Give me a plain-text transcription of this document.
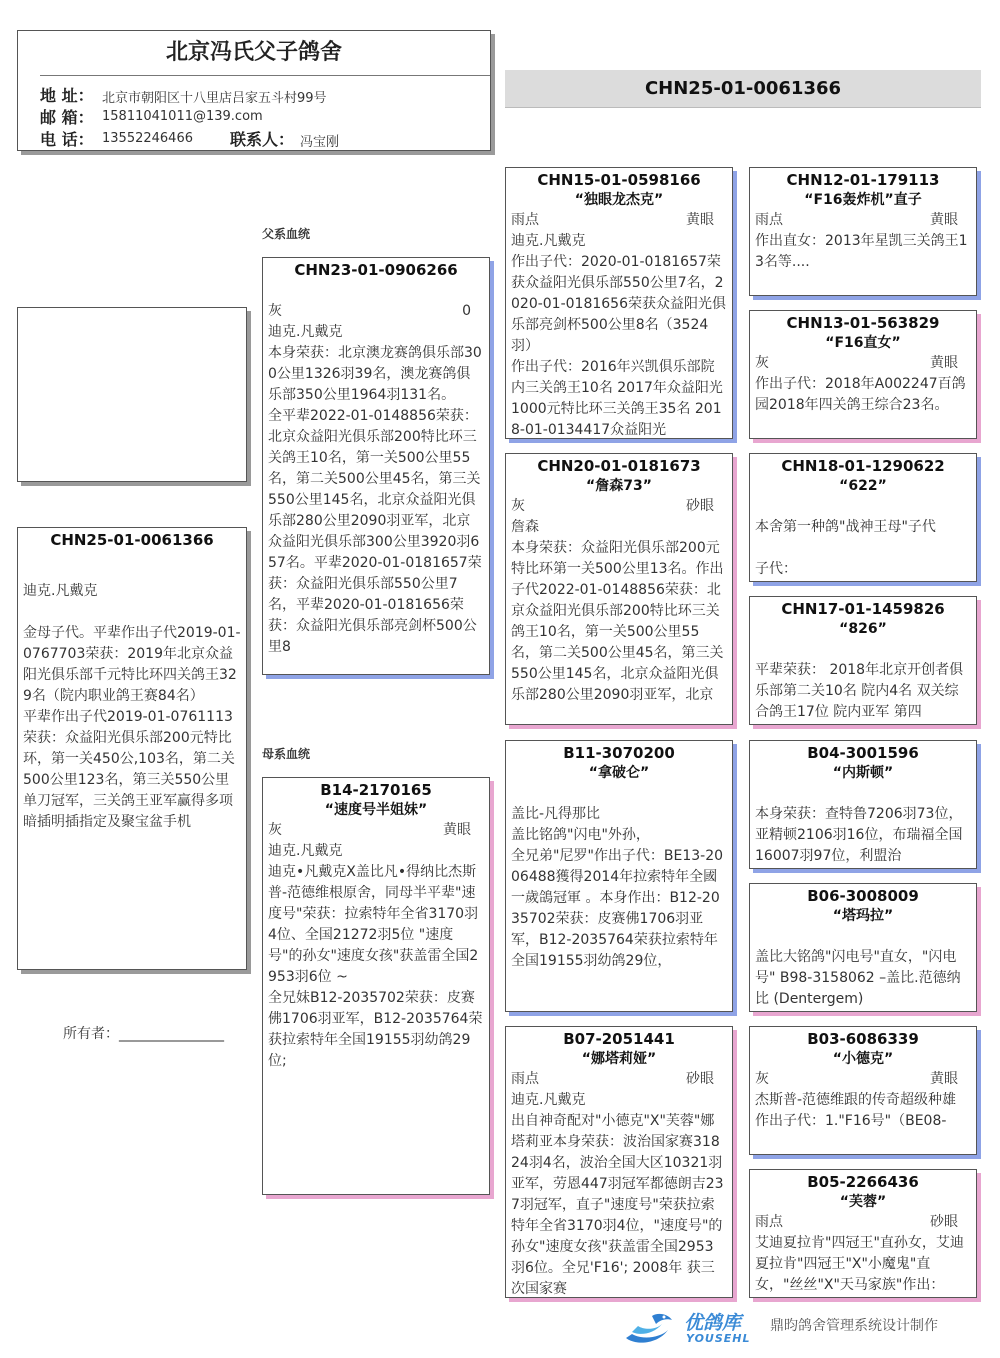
北京冯氏父子鸽舍
地 址： 北京市朝阳区十八里店吕家五斗村99号
邮 箱： 15811041011@139.com
电 话： 13552246466 联系人： 冯宝刚
CHN25-01-0061366
CHN25-01-0061366
迪克.凡戴克
金母子代。平辈作出子代2019-01-0767703荣获：2019年北京众益阳光俱乐部千元特比环四关鸽王329名（院内职业鸽王赛84名）
平辈作出子代2019-01-0761113荣获：众益阳光俱乐部200元特比环，第一关450公,103名，第二关500公里123名，第三关550公里单刀冠军，三关鸽王亚军赢得多项暗插明插指定及聚宝盆手机
所有者：_______________
父系血统
母系血统
CHN23-01-0906266
灰	0
迪克.凡戴克
本身荣获：北京澳龙赛鸽俱乐部300公里1326羽39名，澳龙赛鸽俱乐部350公里1964羽131名。
全平辈2022-01-0148856荣获：北京众益阳光俱乐部200特比环三关鸽王10名，第一关500公里55名，第二关500公里45名，第三关550公里145名，北京众益阳光俱乐部280公里2090羽亚军，北京众益阳光俱乐部300公里3920羽657名。平辈2020-01-0181657荣获：众益阳光俱乐部550公里7名，平辈2020-01-0181656荣获：众益阳光俱乐部亮剑杯500公里8
B14-2170165
“速度号半姐妹”
灰	黄眼
迪克.凡戴克
迪克•凡戴克X盖比凡•得纳比杰斯普-范德维根原舍，同母半平辈"速度号"荣获：拉索特年全省3170羽4位、全国21272羽5位 "速度号"的孙女"速度女孩"获盖雷全国2953羽6位 ~
全兄妹B12-2035702荣获：皮赛佛1706羽亚军，B12-2035764荣获拉索特年全国19155羽幼鸽29位;
CHN15-01-0598166
“独眼龙杰克”
雨点	黄眼
迪克.凡戴克
作出子代：2020-01-0181657荣获众益阳光俱乐部550公里7名，2020-01-0181656荣获众益阳光俱乐部亮剑杯500公里8名（3524羽）
作出子代：2016年兴凯俱乐部院内三关鸽王10名 2017年众益阳光1000元特比环三关鸽王35名 2018-01-0134417众益阳光
CHN20-01-0181673
“詹森73”
灰	砂眼
詹森
本身荣获：众益阳光俱乐部200元特比环第一关500公里13名。作出子代2022-01-0148856荣获：北京众益阳光俱乐部200特比环三关鸽王10名，第一关500公里55名，第二关500公里45名，第三关550公里145名，北京众益阳光俱乐部280公里2090羽亚军，北京
B11-3070200
“拿破仑”
盖比-凡得那比
盖比铭鸽"闪电"外孙，
全兄弟"尼罗"作出子代：BE13-2006488獲得2014年拉索特年全國一歲鴿冠軍 。本身作出：B12-2035702荣获：皮赛佛1706羽亚军，B12-2035764荣获拉索特年全国19155羽幼鸽29位，
B07-2051441
“娜塔莉娅”
雨点	砂眼
迪克.凡戴克
出自神奇配对"小德克"X"芙蓉"娜塔莉亚本身荣获：波治国家赛31824羽4名，波治全国大区10321羽亚军，劳恩447羽冠军都德朗吉237羽冠军，直子"速度号"荣获拉索特年全省3170羽4位，"速度号"的孙女"速度女孩"获盖雷全国2953羽6位。全兄'F16'; 2008年 获三次国家赛
CHN12-01-179113
“F16轰炸机”直子
雨点	黄眼
作出直女：2013年星凯三关鸽王13名等....
CHN13-01-563829
“F16直女”
灰	黄眼
作出子代：2018年A002247百鸽园2018年四关鸽王综合23名。
CHN18-01-1290622
“622”
本舍第一种鸽"战神王母"子代
子代：
CHN17-01-1459826
“826”
平辈荣获： 2018年北京开创者俱乐部第二关10名 院内4名 双关综合鸽王17位 院内亚军 第四
B04-3001596
“内斯顿”
本身荣获：查特鲁7206羽73位，亚精顿2106羽16位，布瑞福全国16007羽97位，利盟治
B06-3008009
“塔玛拉”
盖比大铭鸽"闪电号"直女，"闪电号" B98-3158062 –盖比.范德纳比 (Dentergem)
B03-6086339
“小德克”
灰	黄眼
杰斯普-范德维跟的传奇超级种雄
作出子代：1."F16号"（BE08-
B05-2266436
“芙蓉”
雨点	砂眼
艾迪夏拉肯"四冠王"直孙女，艾迪夏拉肯"四冠王"X"小魔鬼"直女，"丝丝"X"天马家族"作出：
优鸽库
YOUSEHL
鼎昀鸽舍管理系统设计制作
